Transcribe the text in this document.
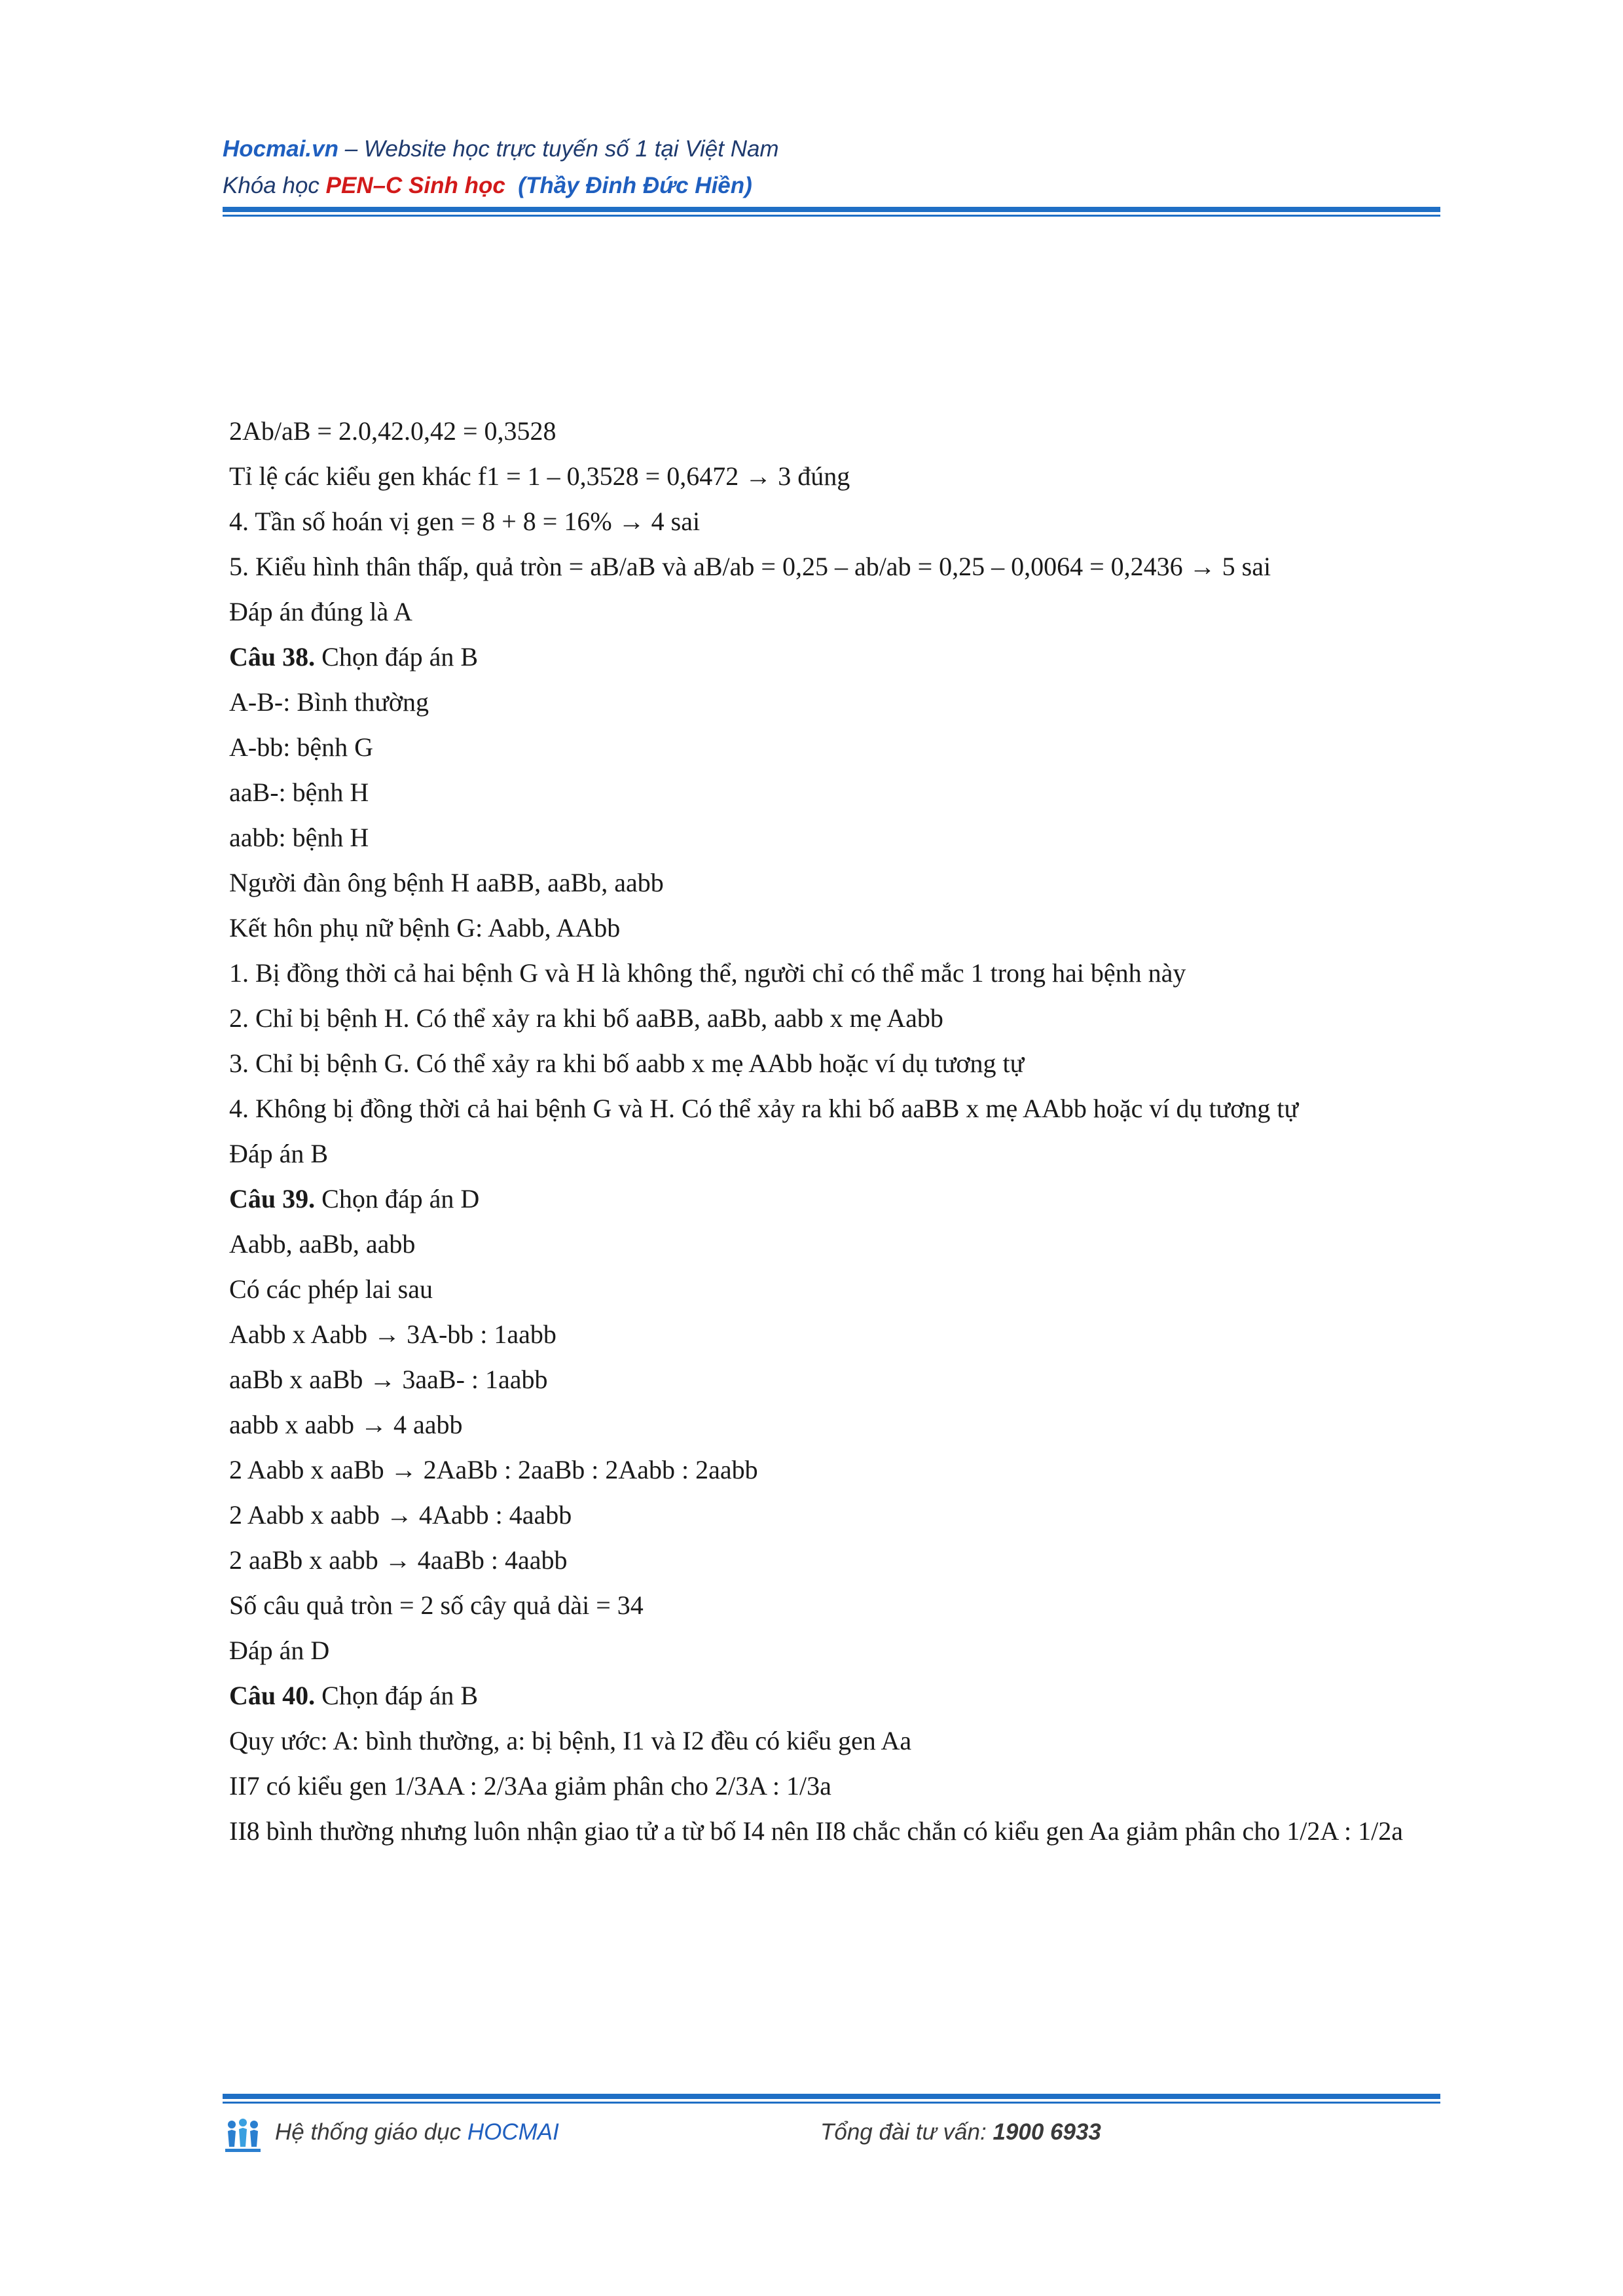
Hocmai.vn – Website học trực tuyến số 1 tại Việt Nam
Khóa học PEN–C Sinh học (Thầy Đinh Đức Hiền)
2Ab/aB = 2.0,42.0,42 = 0,3528
Tỉ lệ các kiểu gen khác f1 = 1 – 0,3528 = 0,6472 → 3 đúng
4. Tần số hoán vị gen = 8 + 8 = 16% → 4 sai
5. Kiểu hình thân thấp, quả tròn = aB/aB và aB/ab = 0,25 – ab/ab = 0,25 – 0,0064 = 0,2436 → 5 sai
Đáp án đúng là A
Câu 38. Chọn đáp án B
A-B-: Bình thường
A-bb: bệnh G
aaB-: bệnh H
aabb: bệnh H
Người đàn ông bệnh H aaBB, aaBb, aabb
Kết hôn phụ nữ bệnh G: Aabb, AAbb
1. Bị đồng thời cả hai bệnh G và H là không thể, người chỉ có thể mắc 1 trong hai bệnh này
2. Chỉ bị bệnh H. Có thể xảy ra khi bố aaBB, aaBb, aabb x mẹ Aabb
3. Chỉ bị bệnh G. Có thể xảy ra khi bố aabb x mẹ AAbb hoặc ví dụ tương tự
4. Không bị đồng thời cả hai bệnh G và H. Có thể xảy ra khi bố aaBB x mẹ AAbb hoặc ví dụ tương tự
Đáp án B
Câu 39. Chọn đáp án D
Aabb, aaBb, aabb
Có các phép lai sau
Aabb x Aabb → 3A-bb : 1aabb
aaBb x aaBb → 3aaB- : 1aabb
aabb x aabb → 4 aabb
2 Aabb x aaBb → 2AaBb : 2aaBb : 2Aabb : 2aabb
2 Aabb x aabb → 4Aabb : 4aabb
2 aaBb x aabb → 4aaBb : 4aabb
Số câu quả tròn = 2 số cây quả dài = 34
Đáp án D
Câu 40. Chọn đáp án B
Quy ước: A: bình thường, a: bị bệnh, I1 và I2 đều có kiểu gen Aa
II7 có kiểu gen 1/3AA : 2/3Aa giảm phân cho 2/3A : 1/3a
II8 bình thường nhưng luôn nhận giao tử a từ bố I4 nên II8 chắc chắn có kiểu gen Aa giảm phân cho 1/2A : 1/2a
Hệ thống giáo dục HOCMAI	Tổng đài tư vấn: 1900 6933
